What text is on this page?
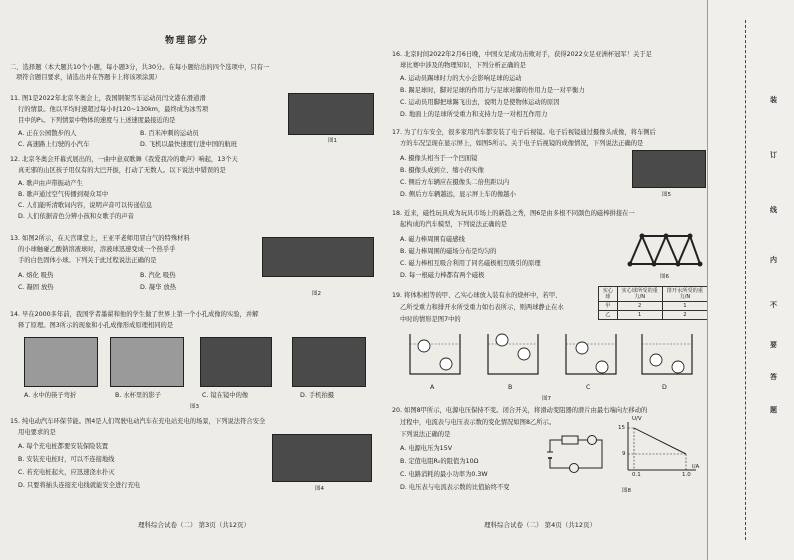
物理部分
二、选择题（本大题共10个小题，每小题3分，共30分。在每小题给出的四个选项中，只有一
项符合题目要求，请选出并在答题卡上将该项涂黑）
11. 图1是2022年北京冬奥会上，我国钢架雪车运动员闫文港在滑道滑
行的情景。他以平均时速超过每小时120~130km，最终成为冰雪项
目中的P₁。下列情景中物体的速度与上述速度最接近的是
A. 正在公园散步的人	B. 百米冲刺的运动员
C. 高速路上行驶的小汽车	D. 飞机以最快速度行进中国的航班	图1
12. 北京冬奥会开幕式展出的，一曲中意双歌舞《我爱我冷的歌声》响起，13个天
真无邪的山区孩子用仅有的大巴开拔，打动了无数人。以下说法中错误的是
A. 歌声由声带振动产生
B. 歌声通过空气传播到观众耳中
C. 人们能听清歌词内容，说明声音可以传递信息
D. 人们依据音色分辨小孩和女歌手的声音
13. 如图2所示，在天宫课堂上，王亚平老师用冒白气的特殊材料
的小球触碰乙酸钠溶液球时，溶液球迅速变成一个热乎乎
手的白色固体小球。下列关于此过程说法正确的是
A. 熔化 吸热	B. 汽化 吸热
C. 凝固 放热	D. 凝华 放热
图2
14. 早在2000多年前，我国学者墨翟和他的学生做了世界上第一个小孔成像的实验，并解
释了原理。图3所示的现象和小孔成像形成原理相同的是
A. 水中的筷子弯折	B. 水杯里的影子	C. 镜在镜中的像	D. 手机拍摄
图3
15. 纯电动汽车环保节能。图4是人们驾驶电动汽车在充电站充电的场景，下列说法符合安全
用电要求的是
A. 每个充电桩都要安装保险装置
B. 安装充电桩时，可以不连接地线
C. 若充电桩起火，应迅速浇水扑灭
D. 只要将插头连接充电线就能安全进行充电	图4
理科综合试卷（二） 第3页（共12页）
16. 北京时间2022年2月6日晚，中国女足成功击败对手，获得2022女足亚洲杯冠军！关于足
球比赛中涉及的物理知识，下列分析正确的是
A. 运动员踢球时力的大小会影响足球的运动
B. 踢足球时，脚对足球的作用力与足球对脚的作用力是一对平衡力
C. 运动员用脚把球踢飞出去，说明力是使物体运动的原因
D. 地面上的足球所受重力和支持力是一对相互作用力
17. 为了行车安全，很多家用汽车都安装了电子后视镜。电子后视镜通过摄像头成像，将车侧后
方的车况呈现在显示屏上，如图5所示。关于电子后视镜的成像情况，下列说法正确的是
A. 摄像头相当于一个凹面镜
B. 摄像头成到立、缩小的实像
C. 侧后方车辆应在摄像头二倍焦距以内
D. 侧后方车辆越远，显示屏上车的像越小	图5
18. 近来，磁性玩具成为玩具市场上的新趋之秀，图6是由多根不同颜色的磁棒拼接在一
起构成的汽车模型，下列说法正确的是
A. 磁力棒周围有磁感线
B. 磁力棒周围的磁场分布是均匀的
C. 磁力棒相互吸合利用了同名磁极相互吸引的原理
D. 每一根磁力棒都有两个磁极	图6
19. 将体积相等的甲、乙实心球放入装有水的烧杯中，若甲、
乙所受重力和排开水所受重力如右表所示，则两球静止在水
中时的情形是图7中的
实心球	实心球所受的重力/N	排开水所受的重力/N
甲	2	1
乙	1	2
A	B	C	D
图7
20. 如图8甲所示，电源电压保持不变。闭合开关，将滑动变阻器的滑片由最右端向左移动的
过程中，电流表与电压表示数的变化情况如图8乙所示。
下列说法正确的是
A. 电源电压为15V
B. 定值电阻R₀的阻值为10Ω
C. 电路消耗的最小功率为0.3W
D. 电压表与电流表示数的比值始终不变
U/V
15
9
0.1	1.0
I/A
图8
理科综合试卷（二） 第4页（共12页）
装
订
线
内
不
要
答
题
